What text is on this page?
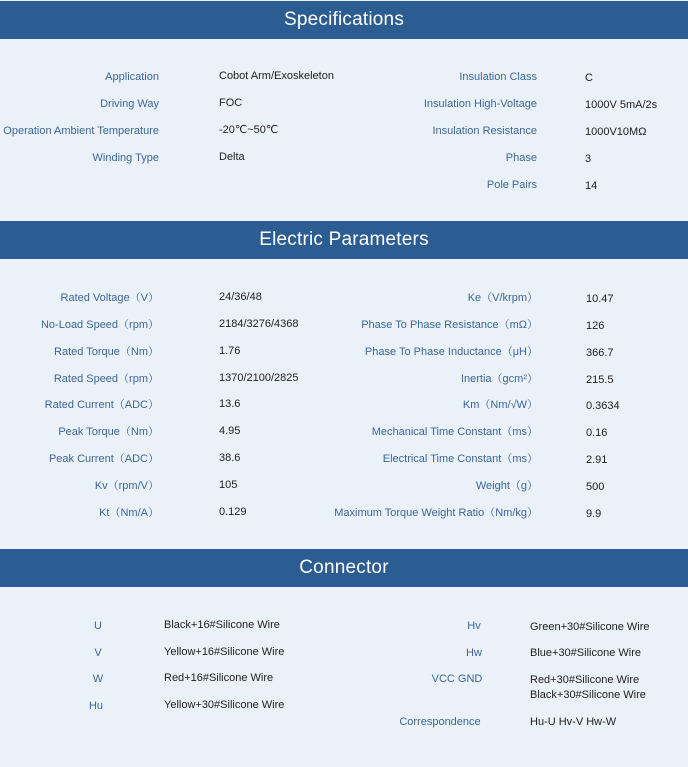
Specifications
Application	Cobot Arm/Exoskeleton
Driving Way	FOC
Operation Ambient Temperature	-20℃~50℃
Winding Type	Delta
Insulation Class	C
Insulation High-Voltage	1000V 5mA/2s
Insulation Resistance	1000V10MΩ
Phase	3
Pole Pairs	14
Electric Parameters
Rated Voltage（V）	24/36/48
No-Load Speed（rpm）	2184/3276/4368
Rated Torque（Nm）	1.76
Rated Speed（rpm）	1370/2100/2825
Rated Current（ADC）	13.6
Peak Torque（Nm）	4.95
Peak Current（ADC）	38.6
Kv（rpm/V）	105
Kt（Nm/A）	0.129
Ke（V/krpm）	10.47
Phase To Phase Resistance（mΩ）	126
Phase To Phase Inductance（μH）	366.7
Inertia（gcm²）	215.5
Km（Nm/√W）	0.3634
Mechanical Time Constant（ms）	0.16
Electrical Time Constant（ms）	2.91
Weight（g）	500
Maximum Torque Weight Ratio（Nm/kg）	9.9
Connector
U	Black+16#Silicone Wire
V	Yellow+16#Silicone Wire
W	Red+16#Silicone Wire
Hu	Yellow+30#Silicone Wire
Hv	Green+30#Silicone Wire
Hw	Blue+30#Silicone Wire
VCC GND	Red+30#Silicone Wire
Black+30#Silicone Wire
Correspondence	Hu-U Hv-V Hw-W
